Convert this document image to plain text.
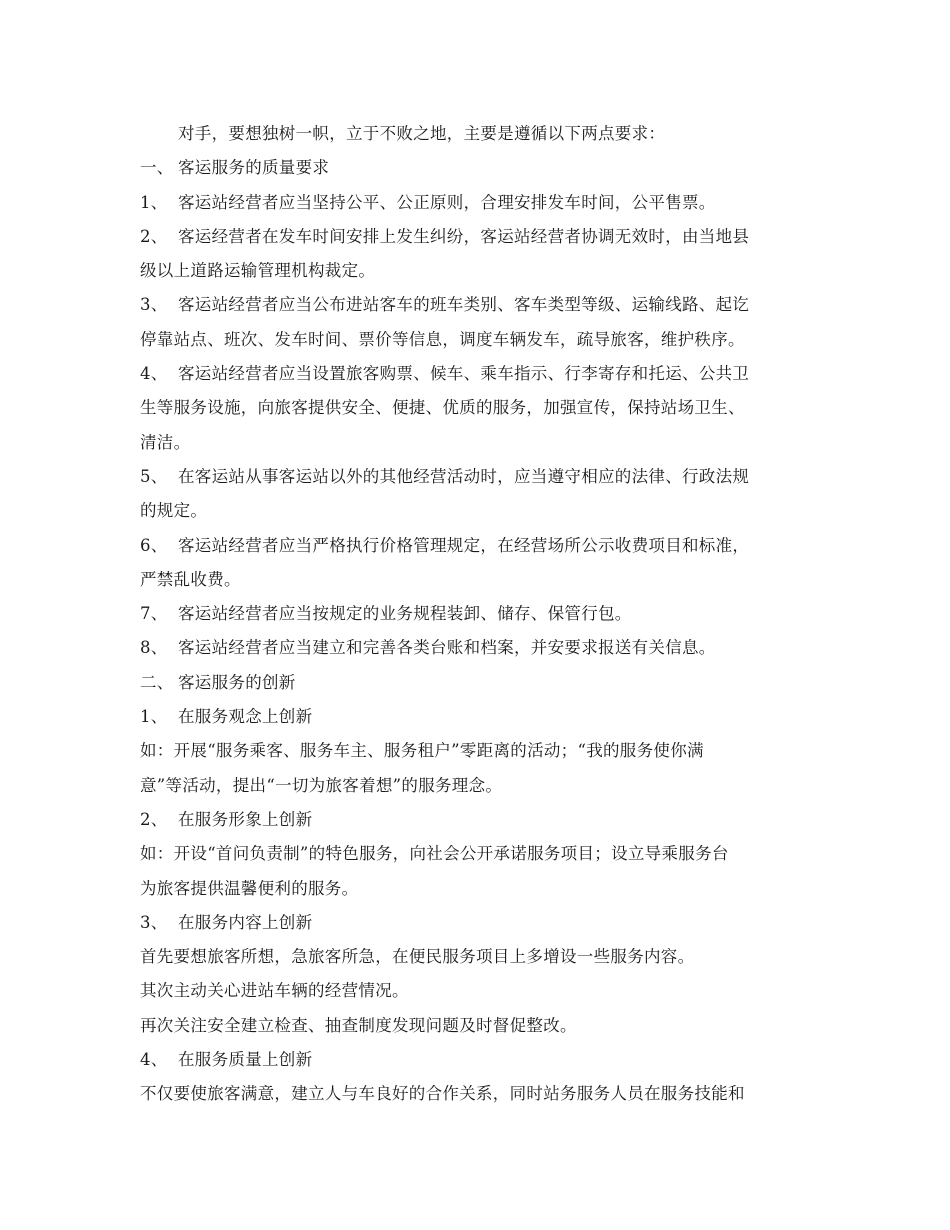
对手，要想独树一帜，立于不败之地，主要是遵循以下两点要求：
一、 客运服务的质量要求
1、 客运站经营者应当坚持公平、公正原则，合理安排发车时间，公平售票。
2、 客运经营者在发车时间安排上发生纠纷，客运站经营者协调无效时，由当地县
级以上道路运输管理机构裁定。
3、 客运站经营者应当公布进站客车的班车类别、客车类型等级、运输线路、起讫
停靠站点、班次、发车时间、票价等信息，调度车辆发车，疏导旅客，维护秩序。
4、 客运站经营者应当设置旅客购票、候车、乘车指示、行李寄存和托运、公共卫
生等服务设施，向旅客提供安全、便捷、优质的服务，加强宣传，保持站场卫生、
清洁。
5、 在客运站从事客运站以外的其他经营活动时，应当遵守相应的法律、行政法规
的规定。
6、 客运站经营者应当严格执行价格管理规定，在经营场所公示收费项目和标准，
严禁乱收费。
7、 客运站经营者应当按规定的业务规程装卸、储存、保管行包。
8、 客运站经营者应当建立和完善各类台账和档案，并安要求报送有关信息。
二、 客运服务的创新
1、 在服务观念上创新
如：开展“服务乘客、服务车主、服务租户”零距离的活动；“我的服务使你满
意”等活动，提出“一切为旅客着想”的服务理念。
2、 在服务形象上创新
如：开设“首问负责制”的特色服务，向社会公开承诺服务项目；设立导乘服务台
为旅客提供温馨便利的服务。
3、 在服务内容上创新
首先要想旅客所想，急旅客所急，在便民服务项目上多增设一些服务内容。
其次主动关心进站车辆的经营情况。
再次关注安全建立检查、抽查制度发现问题及时督促整改。
4、 在服务质量上创新
不仅要使旅客满意，建立人与车良好的合作关系，同时站务服务人员在服务技能和
